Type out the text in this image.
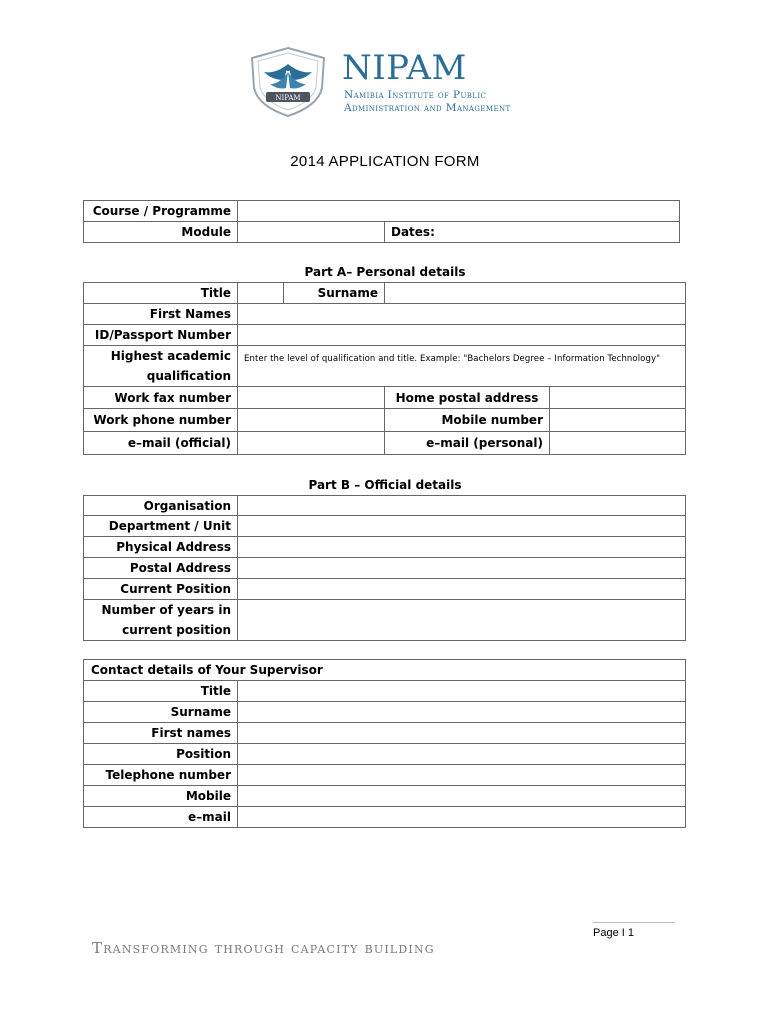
NIPAM
NIPAM
Namibia Institute of Public
Administration and Management
2014 APPLICATION FORM
Course / Programme		
Module		Dates:
Part A– Personal details
Title		Surname		
First Names				
ID/Passport Number				

Highest academic
qualification	Enter the level of qualification and title. Example: "Bachelors Degree – Information Technology"			
Work fax number			Home postal address	
Work phone number			Mobile number	
e–mail (official)			e–mail (personal)	
Part B – Official details
Organisation	
Department / Unit	
Physical Address	
Postal Address	
Current Position	

Number of years in
current position	

Contact details of Your Supervisor	
Title	
Surname	
First names	
Position	
Telephone number	
Mobile	
e–mail	
Page I 1
Transforming through capacity building
